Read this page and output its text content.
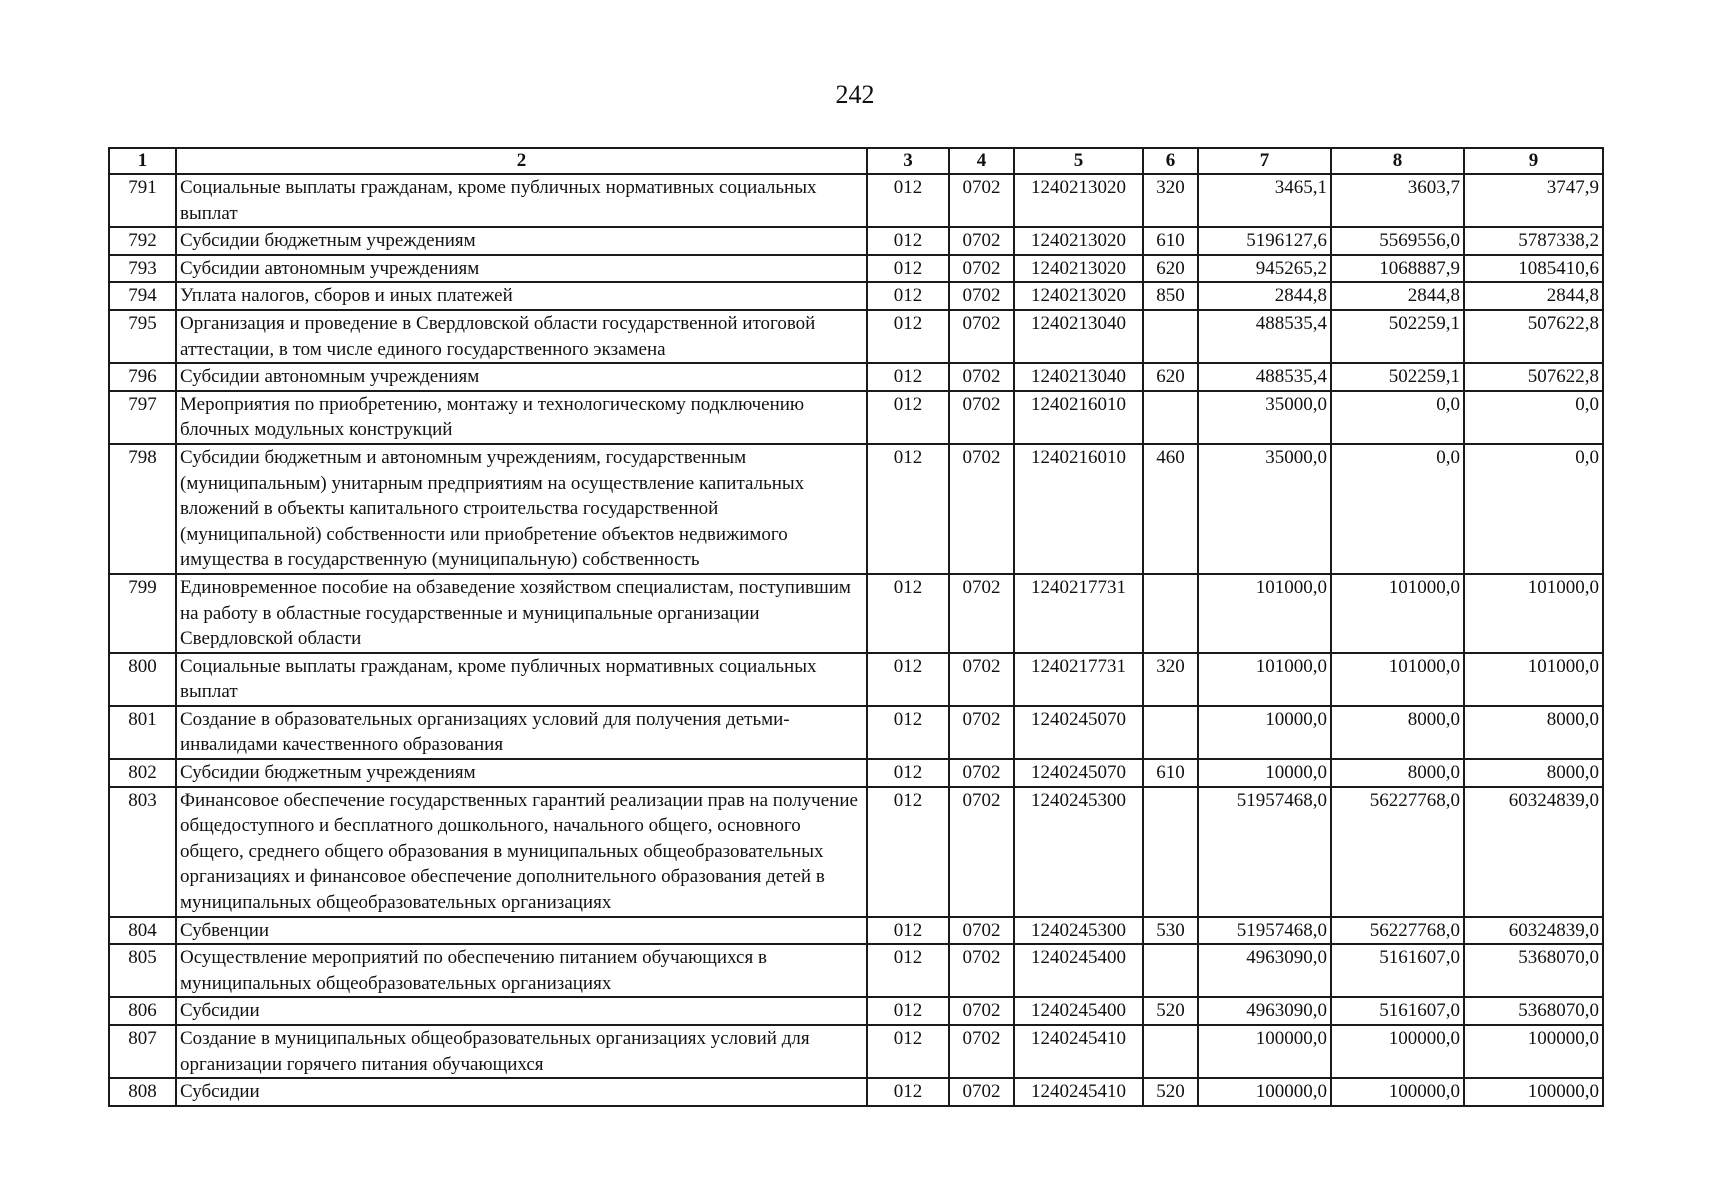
242
1	2	3	4	5	6	7	8	9
791	Социальные выплаты гражданам, кроме публичных нормативных социальных выплат	012	0702	1240213020	320	3465,1	3603,7	3747,9
792	Субсидии бюджетным учреждениям	012	0702	1240213020	610	5196127,6	5569556,0	5787338,2
793	Субсидии автономным учреждениям	012	0702	1240213020	620	945265,2	1068887,9	1085410,6
794	Уплата налогов, сборов и иных платежей	012	0702	1240213020	850	2844,8	2844,8	2844,8
795	Организация и проведение в Свердловской области государственной итоговой аттестации, в том числе единого государственного экзамена	012	0702	1240213040		488535,4	502259,1	507622,8
796	Субсидии автономным учреждениям	012	0702	1240213040	620	488535,4	502259,1	507622,8
797	Мероприятия по приобретению, монтажу и технологическому подключению блочных модульных конструкций	012	0702	1240216010		35000,0	0,0	0,0
798	Субсидии бюджетным и автономным учреждениям, государственным (муниципальным) унитарным предприятиям на осуществление капитальных вложений в объекты капитального строительства государственной (муниципальной) собственности или приобретение объектов недвижимого имущества в государственную (муниципальную) собственность	012	0702	1240216010	460	35000,0	0,0	0,0
799	Единовременное пособие на обзаведение хозяйством специалистам, поступившим на работу в областные государственные и муниципальные организации Свердловской области	012	0702	1240217731		101000,0	101000,0	101000,0
800	Социальные выплаты гражданам, кроме публичных нормативных социальных выплат	012	0702	1240217731	320	101000,0	101000,0	101000,0
801	Создание в образовательных организациях условий для получения детьми-инвалидами качественного образования	012	0702	1240245070		10000,0	8000,0	8000,0
802	Субсидии бюджетным учреждениям	012	0702	1240245070	610	10000,0	8000,0	8000,0
803	Финансовое обеспечение государственных гарантий реализации прав на получение общедоступного и бесплатного дошкольного, начального общего, основного общего, среднего общего образования в муниципальных общеобразовательных организациях и финансовое обеспечение дополнительного образования детей в муниципальных общеобразовательных организациях	012	0702	1240245300		51957468,0	56227768,0	60324839,0
804	Субвенции	012	0702	1240245300	530	51957468,0	56227768,0	60324839,0
805	Осуществление мероприятий по обеспечению питанием обучающихся в муниципальных общеобразовательных организациях	012	0702	1240245400		4963090,0	5161607,0	5368070,0
806	Субсидии	012	0702	1240245400	520	4963090,0	5161607,0	5368070,0
807	Создание в муниципальных общеобразовательных организациях условий для организации горячего питания обучающихся	012	0702	1240245410		100000,0	100000,0	100000,0
808	Субсидии	012	0702	1240245410	520	100000,0	100000,0	100000,0
